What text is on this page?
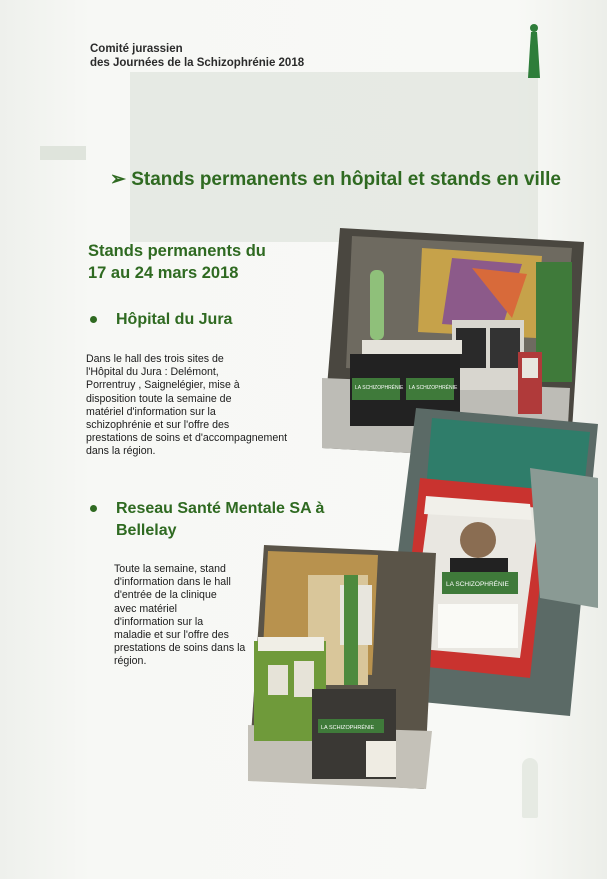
Comité jurassien
des Journées de la Schizophrénie 2018
➢ Stands permanents en hôpital et stands en ville
Stands permanents du
17 au 24 mars 2018
Hôpital du Jura
Dans le hall des trois sites de
l'Hôpital du Jura : Delémont,
Porrentruy , Saignelégier, mise à
disposition toute la semaine de
matériel d'information sur la
schizophrénie et sur l'offre des
prestations de soins et d'accompagnement
dans la région.
Reseau Santé Mentale SA à
Bellelay
Toute la semaine, stand
d'information dans le hall
d'entrée de la clinique
avec matériel
d'information sur la
maladie et sur l'offre des
prestations de soins dans la
région.
LA SCHIZOPHRÉNIE LA SCHIZOPHRÉNIE
LA SCHIZOPHRÉNIE
LA SCHIZOPHRÉNIE
